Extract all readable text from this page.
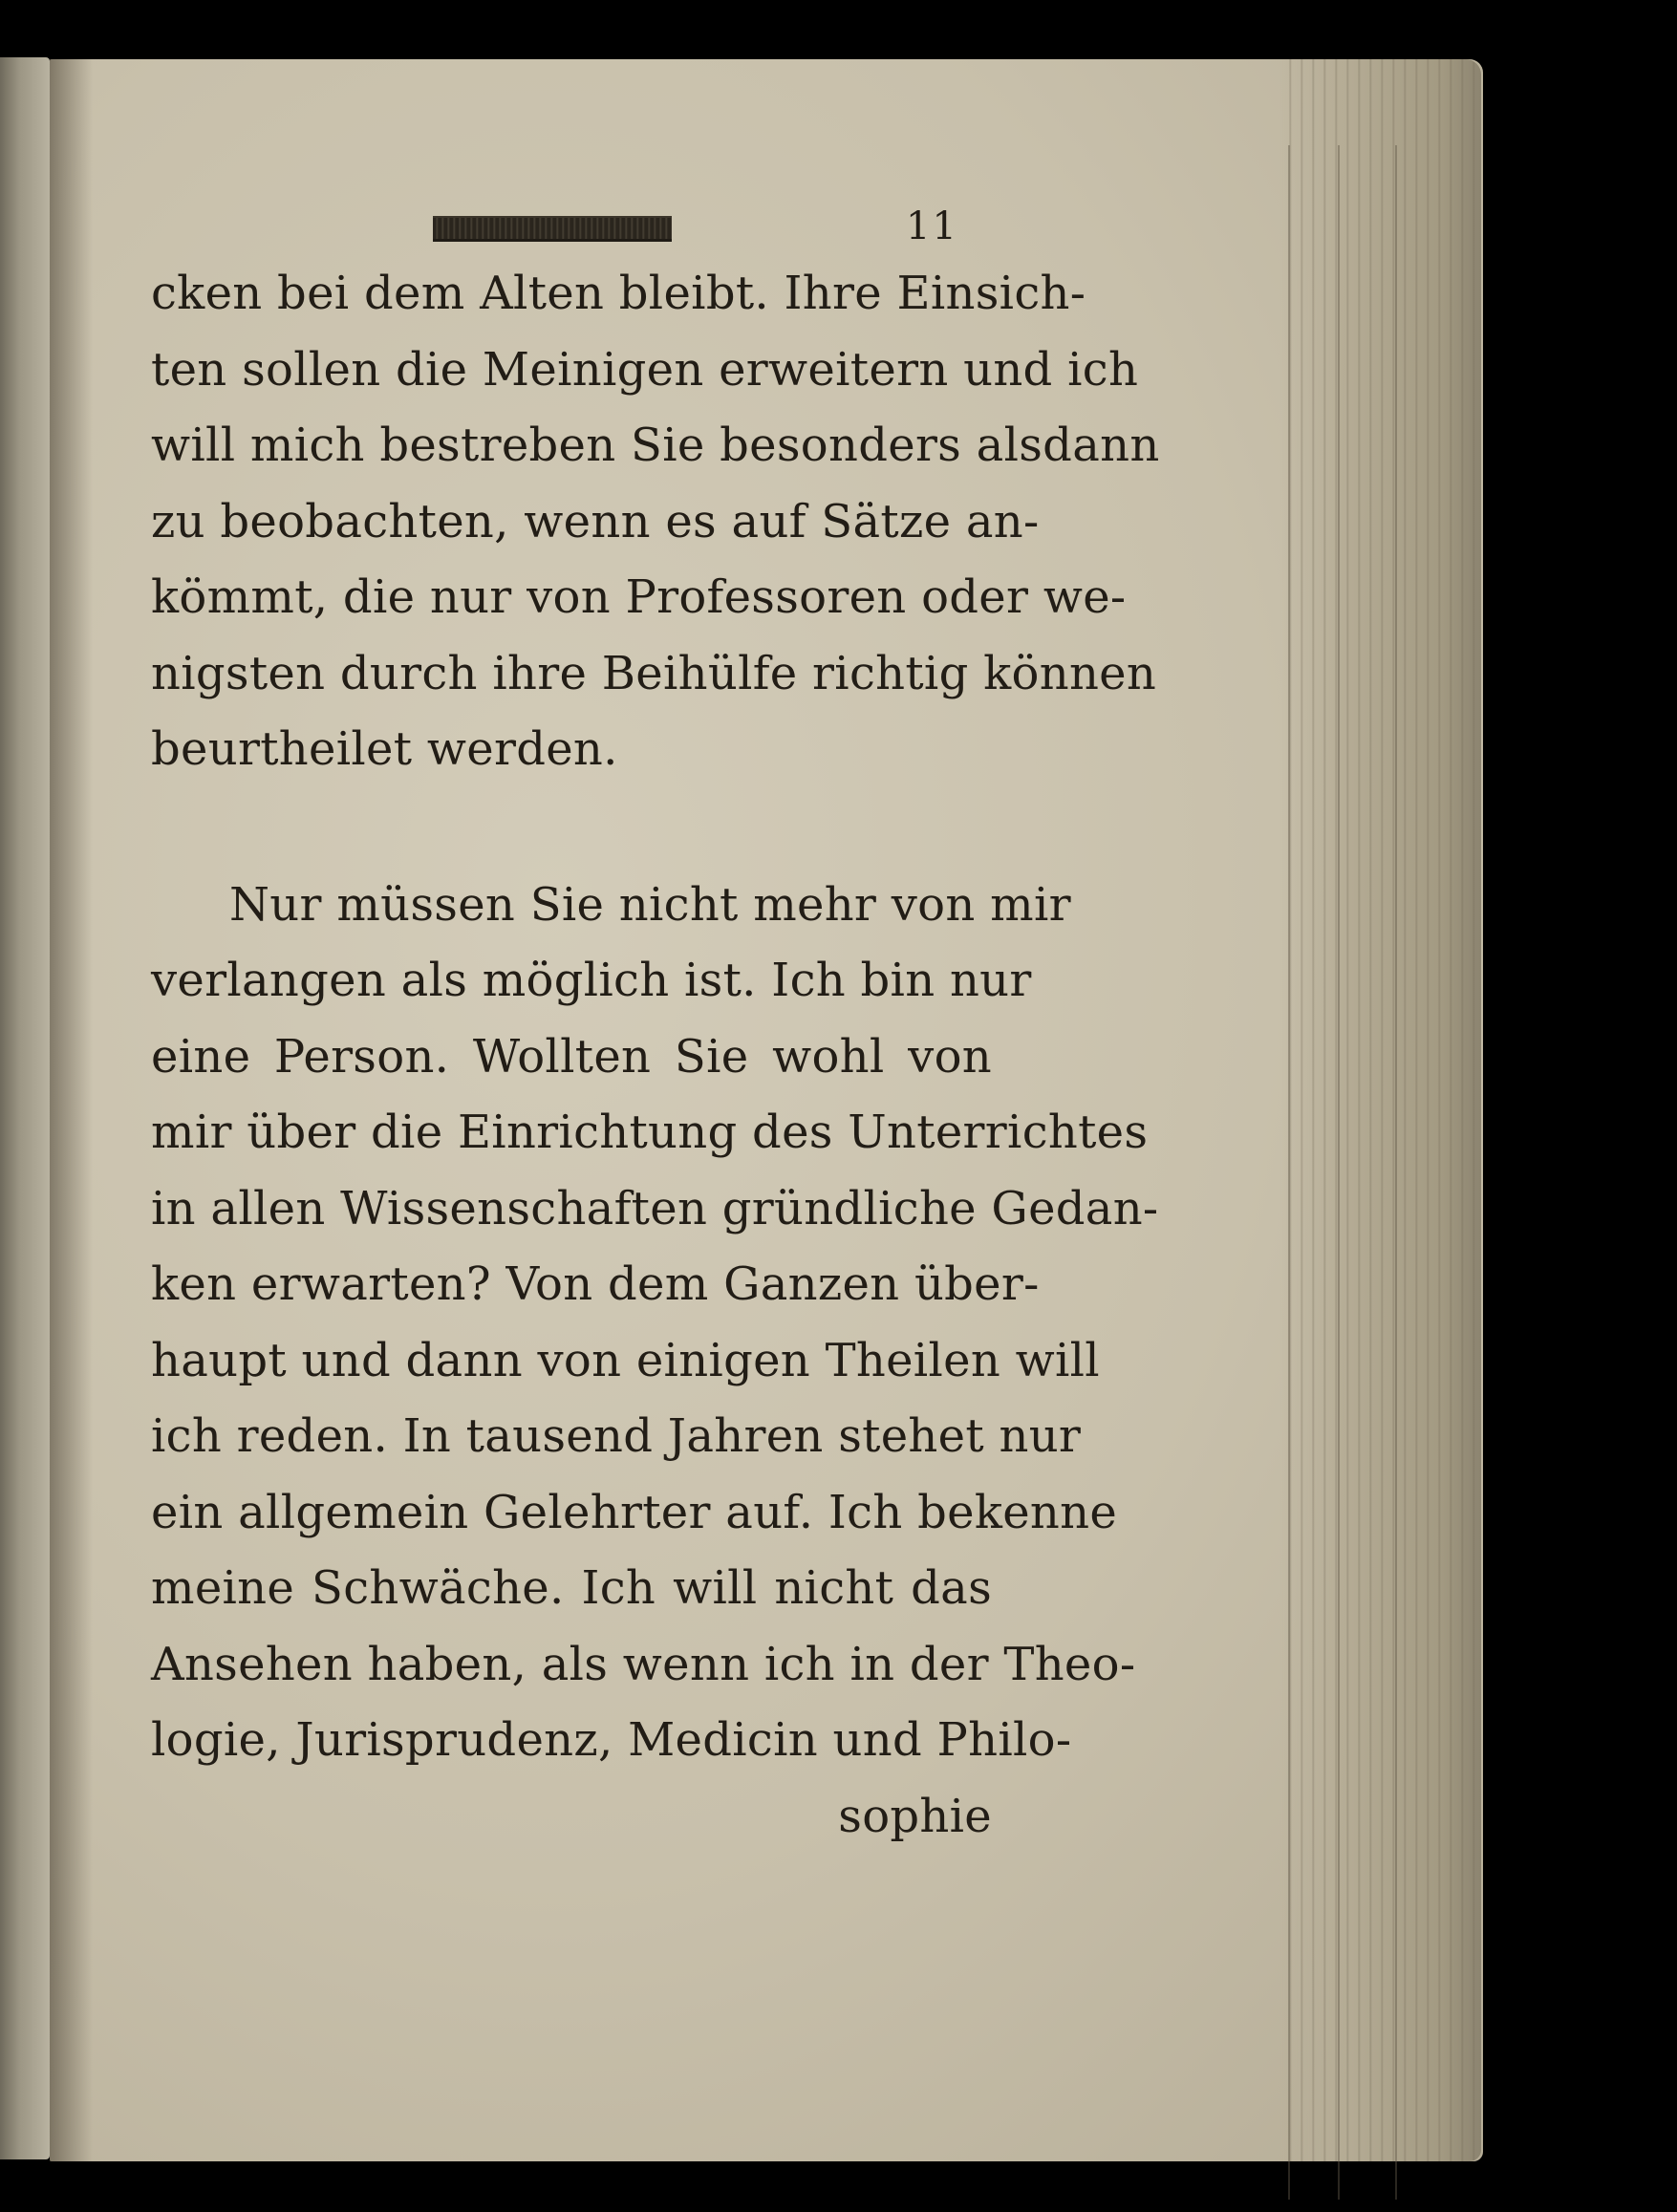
11
cken bei dem Alten bleibt. Ihre Einsich-
ten sollen die Meinigen erweitern und ich
will mich bestreben Sie besonders alsdann
zu beobachten, wenn es auf Sätze an-
kömmt, die nur von Professoren oder we-
nigsten durch ihre Beihülfe richtig können
beurtheilet werden.
Nur müssen Sie nicht mehr von mir
verlangen als möglich ist. Ich bin nur
eine Person. Wollten Sie wohl von
mir über die Einrichtung des Unterrichtes
in allen Wissenschaften gründliche Gedan-
ken erwarten? Von dem Ganzen über-
haupt und dann von einigen Theilen will
ich reden. In tausend Jahren stehet nur
ein allgemein Gelehrter auf. Ich bekenne
meine Schwäche. Ich will nicht das
Ansehen haben, als wenn ich in der Theo-
logie, Jurisprudenz, Medicin und Philo-
sophie
